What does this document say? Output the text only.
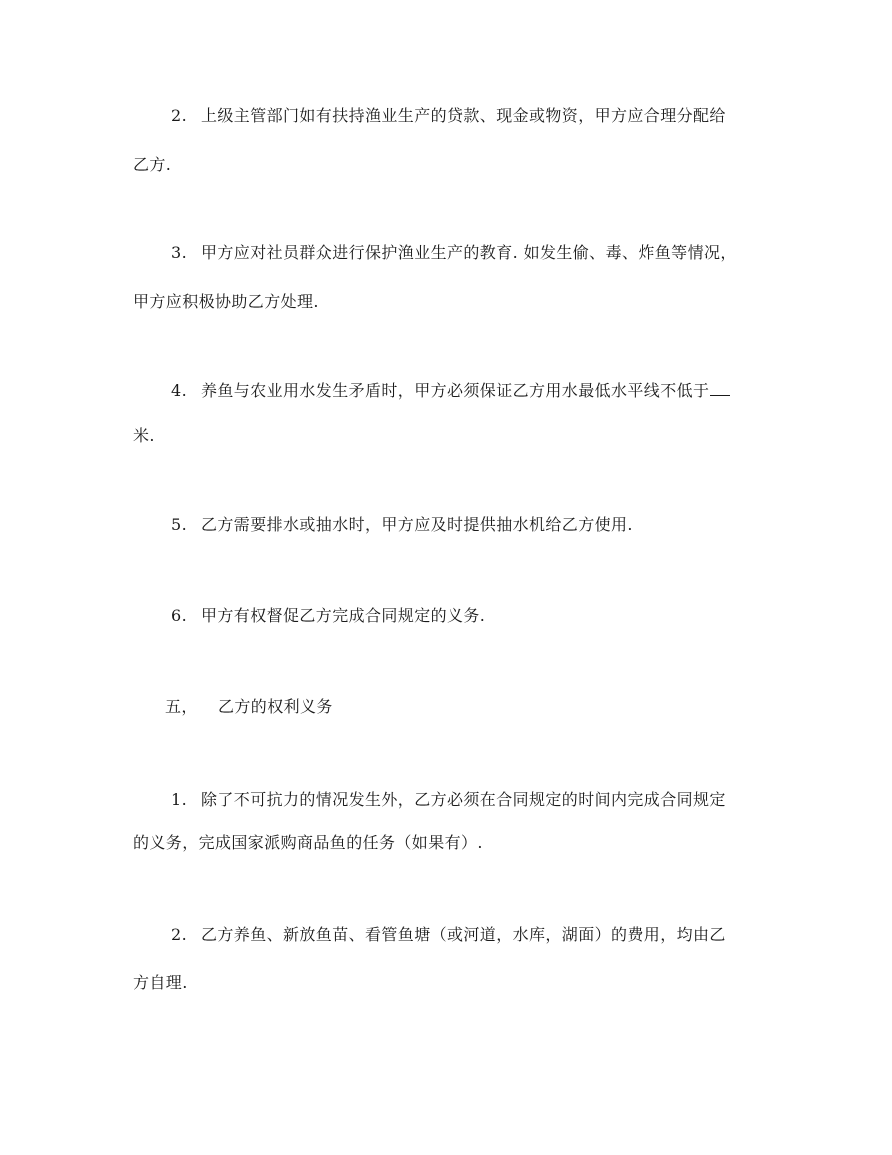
2. 上级主管部门如有扶持渔业生产的贷款、现金或物资，甲方应合理分配给
乙方.
3. 甲方应对社员群众进行保护渔业生产的教育. 如发生偷、毒、炸鱼等情况，
甲方应积极协助乙方处理.
4. 养鱼与农业用水发生矛盾时，甲方必须保证乙方用水最低水平线不低于
米.
5. 乙方需要排水或抽水时，甲方应及时提供抽水机给乙方使用.
6. 甲方有权督促乙方完成合同规定的义务.
五， 乙方的权利义务
1. 除了不可抗力的情况发生外，乙方必须在合同规定的时间内完成合同规定
的义务，完成国家派购商品鱼的任务（如果有）.
2. 乙方养鱼、新放鱼苗、看管鱼塘（或河道，水库，湖面）的费用，均由乙
方自理.
